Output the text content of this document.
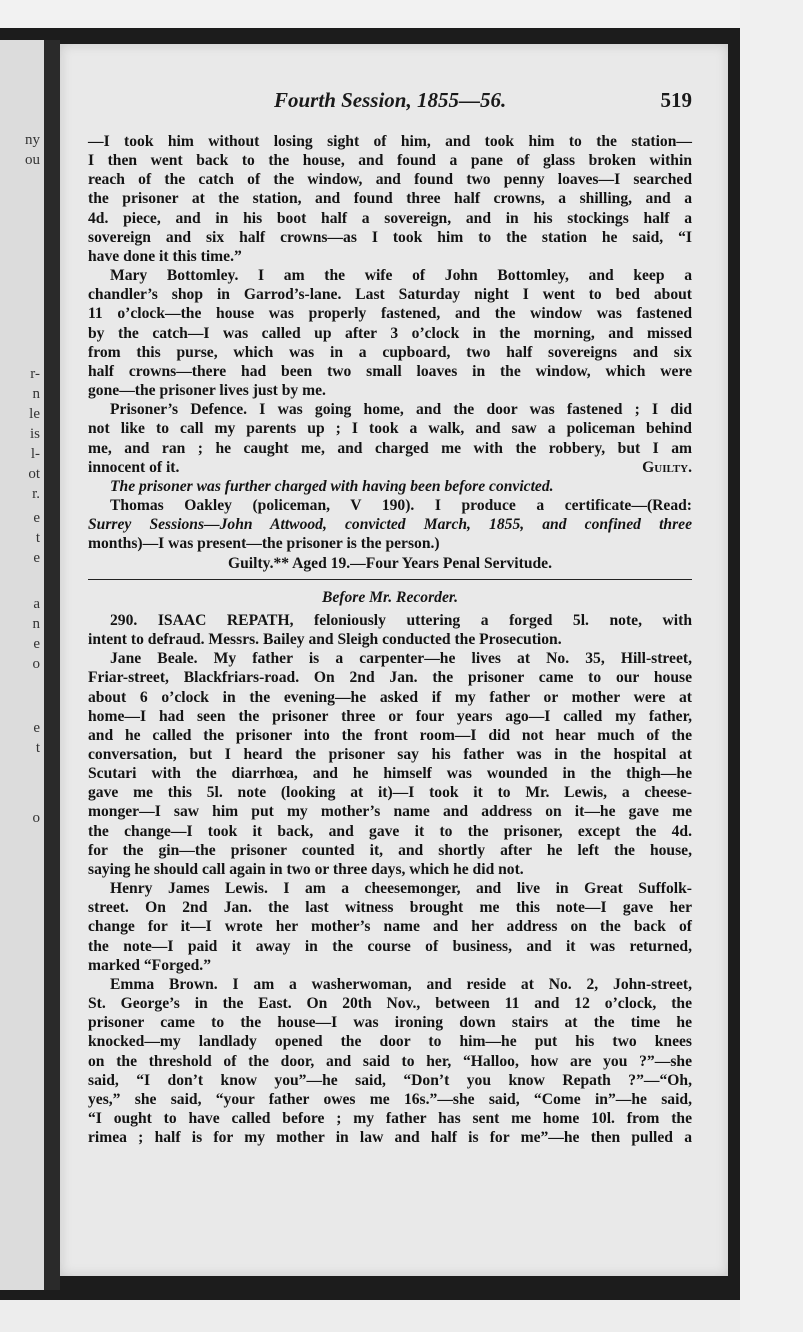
ny
ou
r-
n
le
is
l-
ot
r.
e
t
e
a
n
e
o
e
t
o
Fourth Session, 1855—56.	519

—I took him without losing sight of him, and took him to the station—

I then went back to the house, and found a pane of glass broken within

reach of the catch of the window, and found two penny loaves—I searched

the prisoner at the station, and found three half crowns, a shilling, and a

4d. piece, and in his boot half a sovereign, and in his stockings half a

sovereign and six half crowns—as I took him to the station he said, “I

have done it this time.”

Mary Bottomley. I am the wife of John Bottomley, and keep a

chandler’s shop in Garrod’s-lane. Last Saturday night I went to bed about

11 o’clock—the house was properly fastened, and the window was fastened

by the catch—I was called up after 3 o’clock in the morning, and missed

from this purse, which was in a cupboard, two half sovereigns and six

half crowns—there had been two small loaves in the window, which were

gone—the prisoner lives just by me.

Prisoner’s Defence. I was going home, and the door was fastened ; I did

not like to call my parents up ; I took a walk, and saw a policeman behind

me, and ran ; he caught me, and charged me with the robbery, but I am

innocent of it.	Guilty.

The prisoner was further charged with having been before convicted.

Thomas Oakley (policeman, V 190). I produce a certificate—(Read:

Surrey Sessions—John Attwood, convicted March, 1855, and confined three

months)—I was present—the prisoner is the person.)

Guilty.** Aged 19.—Four Years Penal Servitude.

Before Mr. Recorder.

290. ISAAC REPATH, feloniously uttering a forged 5l. note, with

intent to defraud. Messrs. Bailey and Sleigh conducted the Prosecution.

Jane Beale. My father is a carpenter—he lives at No. 35, Hill-street,

Friar-street, Blackfriars-road. On 2nd Jan. the prisoner came to our house

about 6 o’clock in the evening—he asked if my father or mother were at

home—I had seen the prisoner three or four years ago—I called my father,

and he called the prisoner into the front room—I did not hear much of the

conversation, but I heard the prisoner say his father was in the hospital at

Scutari with the diarrhœa, and he himself was wounded in the thigh—he

gave me this 5l. note (looking at it)—I took it to Mr. Lewis, a cheese-

monger—I saw him put my mother’s name and address on it—he gave me

the change—I took it back, and gave it to the prisoner, except the 4d.

for the gin—the prisoner counted it, and shortly after he left the house,

saying he should call again in two or three days, which he did not.

Henry James Lewis. I am a cheesemonger, and live in Great Suffolk-

street. On 2nd Jan. the last witness brought me this note—I gave her

change for it—I wrote her mother’s name and her address on the back of

the note—I paid it away in the course of business, and it was returned,

marked “Forged.”

Emma Brown. I am a washerwoman, and reside at No. 2, John-street,

St. George’s in the East. On 20th Nov., between 11 and 12 o’clock, the

prisoner came to the house—I was ironing down stairs at the time he

knocked—my landlady opened the door to him—he put his two knees

on the threshold of the door, and said to her, “Halloo, how are you ?”—she

said, “I don’t know you”—he said, “Don’t you know Repath ?”—“Oh,

yes,” she said, “your father owes me 16s.”—she said, “Come in”—he said,

“I ought to have called before ; my father has sent me home 10l. from the

rimea ; half is for my mother in law and half is for me”—he then pulled a
